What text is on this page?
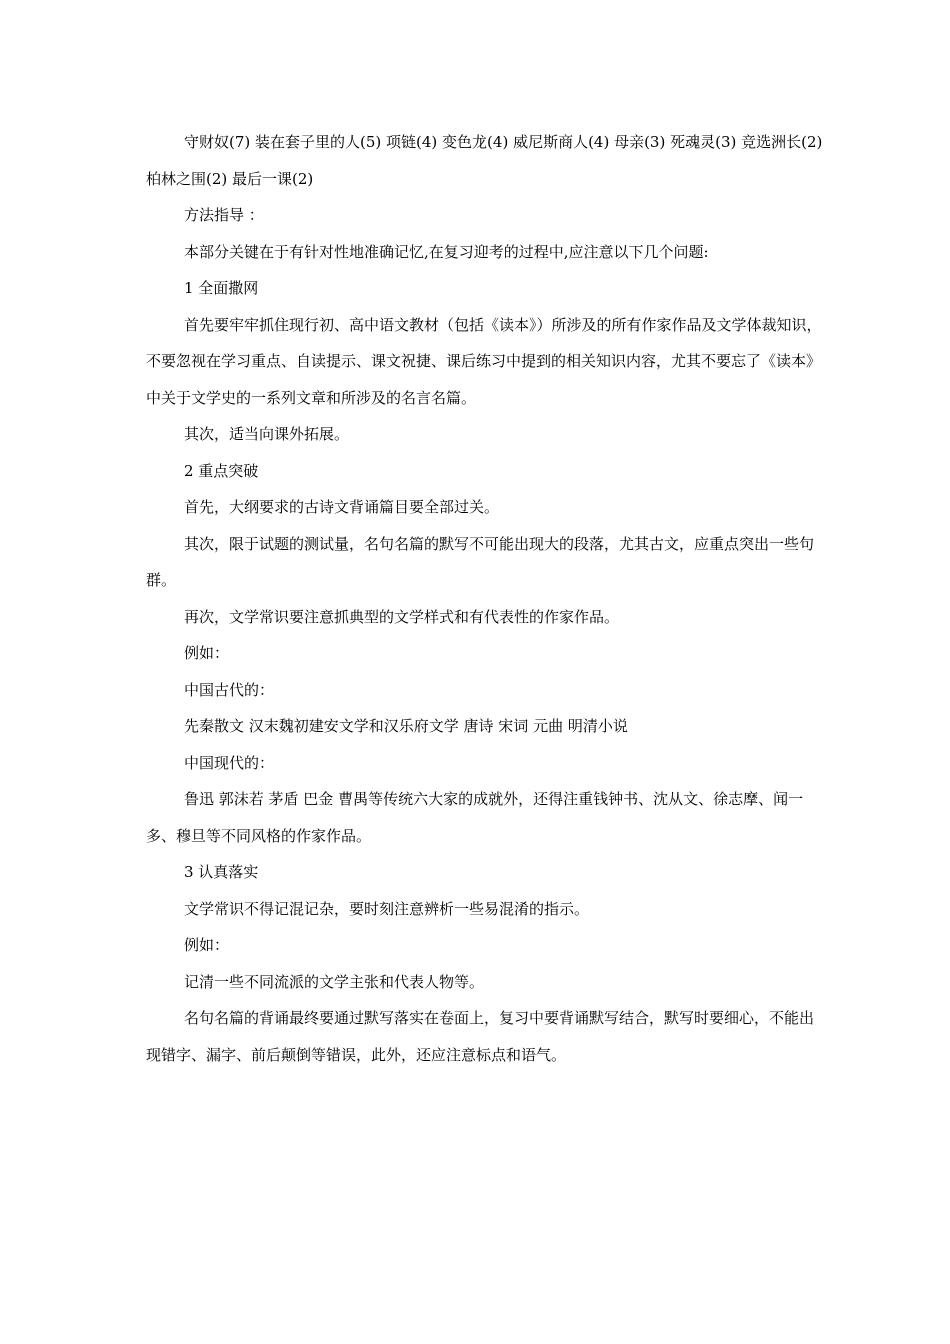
守财奴(7) 装在套子里的人(5) 项链(4) 变色龙(4) 威尼斯商人(4) 母亲(3) 死魂灵(3) 竞选洲长(2) 柏林之围(2) 最后一课(2)

方法指导 ：

本部分关键在于有针对性地准确记忆,在复习迎考的过程中,应注意以下几个问题:

1 全面撒网

首先要牢牢抓住现行初、高中语文教材（包括《读本》）所涉及的所有作家作品及文学体裁知识，不要忽视在学习重点、自读提示、课文祝捷、课后练习中提到的相关知识内容，尤其不要忘了《读本》中关于文学史的一系列文章和所涉及的名言名篇。

其次，适当向课外拓展。

2 重点突破

首先，大纲要求的古诗文背诵篇目要全部过关。

其次，限于试题的测试量，名句名篇的默写不可能出现大的段落，尤其古文，应重点突出一些句群。

再次，文学常识要注意抓典型的文学样式和有代表性的作家作品。

例如：

中国古代的：

先秦散文 汉末魏初建安文学和汉乐府文学 唐诗 宋词 元曲 明清小说

中国现代的：

鲁迅 郭沫若 茅盾 巴金 曹禺等传统六大家的成就外，还得注重钱钟书、沈从文、徐志摩、闻一多、穆旦等不同风格的作家作品。

3 认真落实

文学常识不得记混记杂，要时刻注意辨析一些易混淆的指示。

例如：

记清一些不同流派的文学主张和代表人物等。

名句名篇的背诵最终要通过默写落实在卷面上，复习中要背诵默写结合，默写时要细心，不能出现错字、漏字、前后颠倒等错误，此外，还应注意标点和语气。
